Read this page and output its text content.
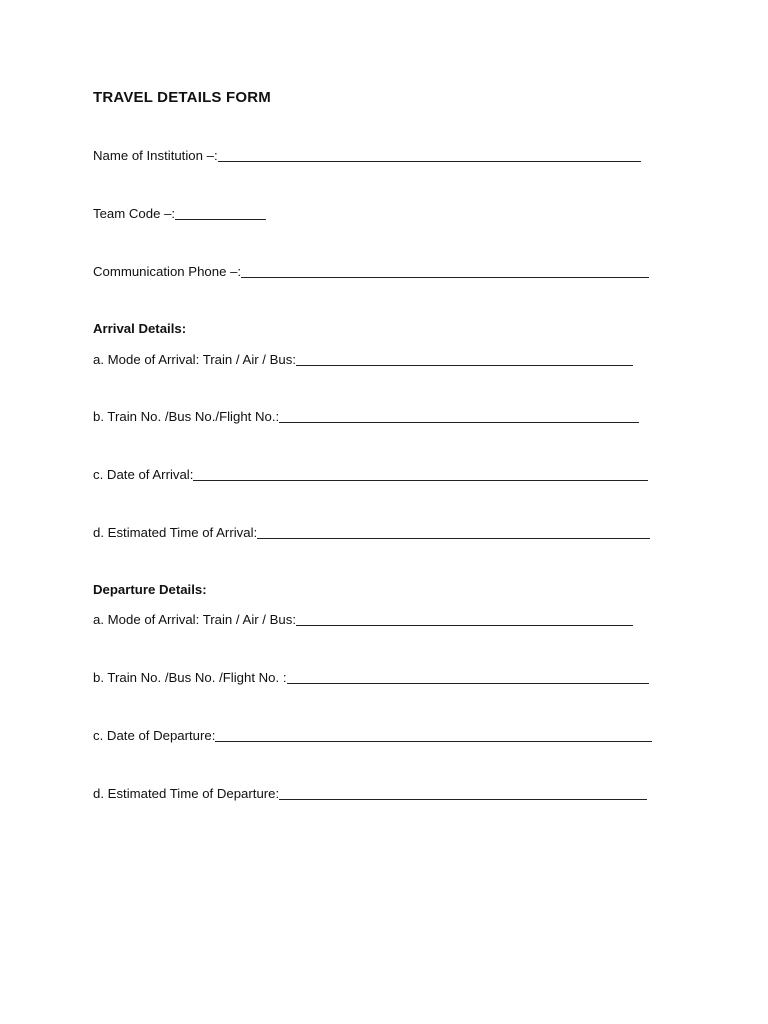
TRAVEL DETAILS FORM
Name of Institution –:
Team Code –:
Communication Phone –:
Arrival Details:
a. Mode of Arrival: Train / Air / Bus:
b. Train No. /Bus No./Flight No.:
c. Date of Arrival:
d. Estimated Time of Arrival:
Departure Details:
a. Mode of Arrival: Train / Air / Bus:
b. Train No. /Bus No. /Flight No. :
c. Date of Departure:
d. Estimated Time of Departure:
